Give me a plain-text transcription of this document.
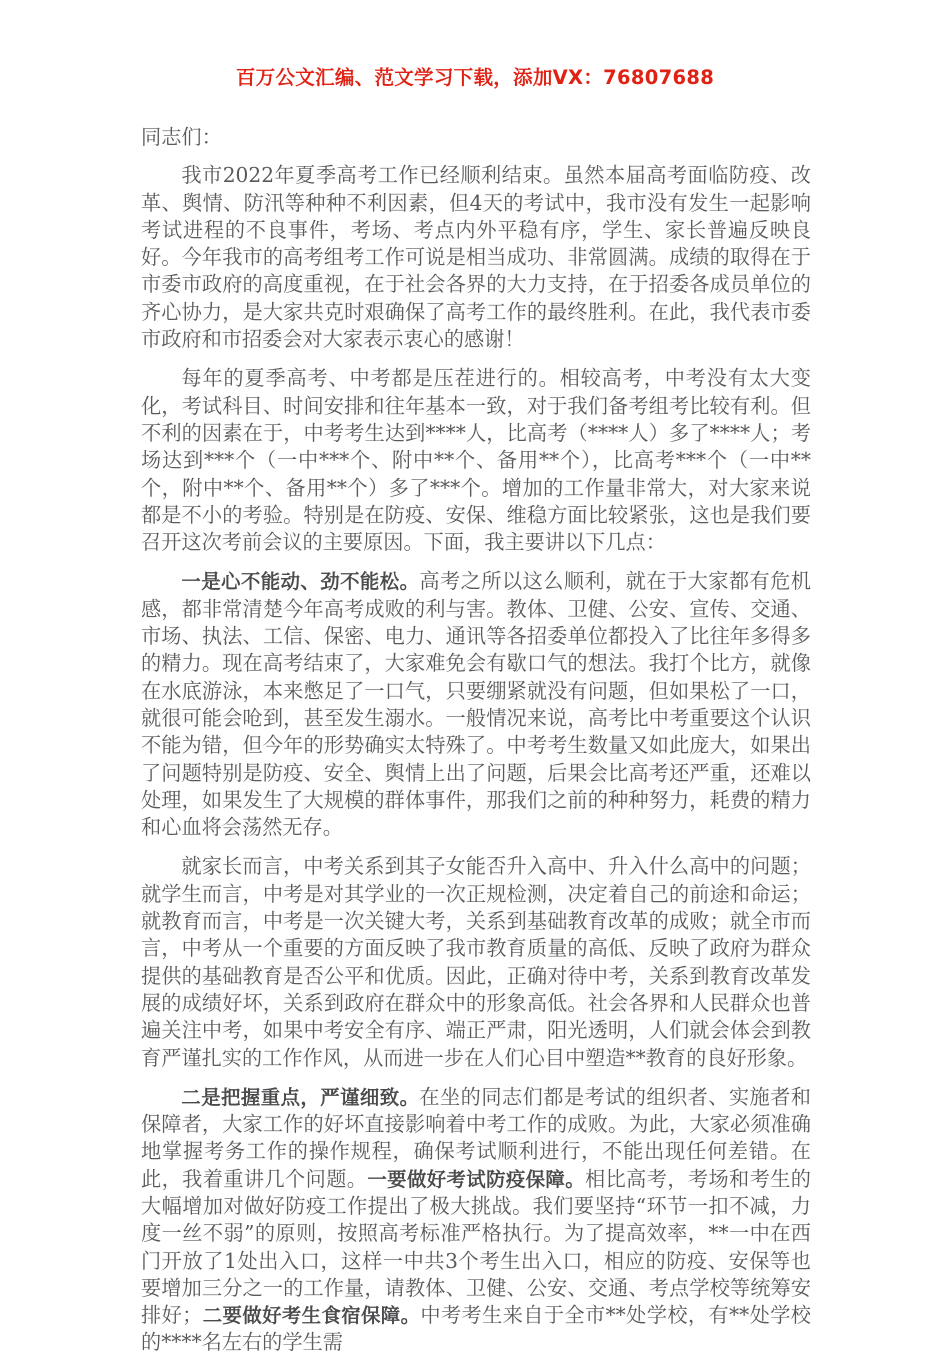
百万公文汇编、范文学习下载，添加VX：76807688

同志们：

我市2022年夏季高考工作已经顺利结束。虽然本届高考面临防疫、改革、舆情、防汛等种种不利因素，但4天的考试中，我市没有发生一起影响考试进程的不良事件，考场、考点内外平稳有序，学生、家长普遍反映良好。今年我市的高考组考工作可说是相当成功、非常圆满。成绩的取得在于市委市政府的高度重视，在于社会各界的大力支持，在于招委各成员单位的齐心协力，是大家共克时艰确保了高考工作的最终胜利。在此，我代表市委市政府和市招委会对大家表示衷心的感谢！

每年的夏季高考、中考都是压茬进行的。相较高考，中考没有太大变化，考试科目、时间安排和往年基本一致，对于我们备考组考比较有利。但不利的因素在于，中考考生达到****人，比高考（****人）多了****人；考场达到***个（一中***个、附中**个、备用**个），比高考***个（一中**个，附中**个、备用**个）多了***个。增加的工作量非常大，对大家来说都是不小的考验。特别是在防疫、安保、维稳方面比较紧张，这也是我们要召开这次考前会议的主要原因。下面，我主要讲以下几点：

一是心不能动、劲不能松。高考之所以这么顺利，就在于大家都有危机感，都非常清楚今年高考成败的利与害。教体、卫健、公安、宣传、交通、市场、执法、工信、保密、电力、通讯等各招委单位都投入了比往年多得多的精力。现在高考结束了，大家难免会有歇口气的想法。我打个比方，就像在水底游泳，本来憋足了一口气，只要绷紧就没有问题，但如果松了一口，就很可能会呛到，甚至发生溺水。一般情况来说，高考比中考重要这个认识不能为错，但今年的形势确实太特殊了。中考考生数量又如此庞大，如果出了问题特别是防疫、安全、舆情上出了问题，后果会比高考还严重，还难以处理，如果发生了大规模的群体事件，那我们之前的种种努力，耗费的精力和心血将会荡然无存。

就家长而言，中考关系到其子女能否升入高中、升入什么高中的问题；就学生而言，中考是对其学业的一次正规检测，决定着自己的前途和命运；就教育而言，中考是一次关键大考，关系到基础教育改革的成败；就全市而言，中考从一个重要的方面反映了我市教育质量的高低、反映了政府为群众提供的基础教育是否公平和优质。因此，正确对待中考，关系到教育改革发展的成绩好坏，关系到政府在群众中的形象高低。社会各界和人民群众也普遍关注中考，如果中考安全有序、端正严肃，阳光透明，人们就会体会到教育严谨扎实的工作作风，从而进一步在人们心目中塑造**教育的良好形象。

二是把握重点，严谨细致。在坐的同志们都是考试的组织者、实施者和保障者，大家工作的好坏直接影响着中考工作的成败。为此，大家必须准确地掌握考务工作的操作规程，确保考试顺利进行，不能出现任何差错。在此，我着重讲几个问题。一要做好考试防疫保障。相比高考，考场和考生的大幅增加对做好防疫工作提出了极大挑战。我们要坚持“环节一扣不减，力度一丝不弱”的原则，按照高考标准严格执行。为了提高效率，**一中在西门开放了1处出入口，这样一中共3个考生出入口，相应的防疫、安保等也要增加三分之一的工作量，请教体、卫健、公安、交通、考点学校等统筹安排好；二要做好考生食宿保障。中考考生来自于全市**处学校，有**处学校的****名左右的学生需
